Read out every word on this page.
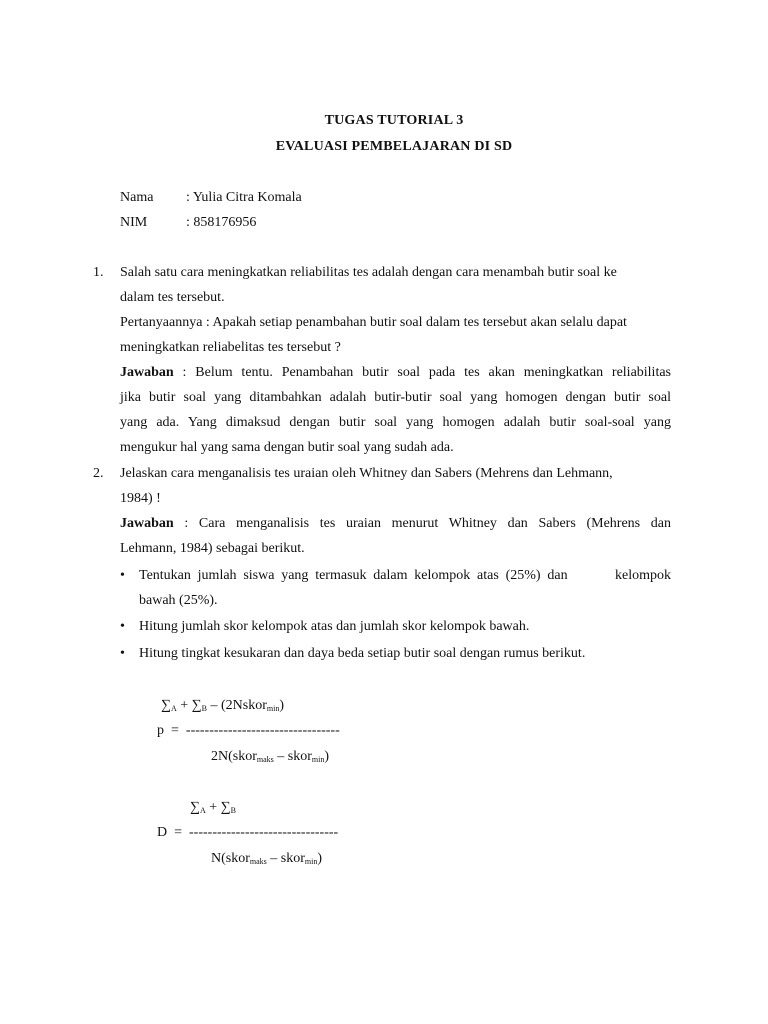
TUGAS TUTORIAL 3
EVALUASI PEMBELAJARAN DI SD
Nama : Yulia Citra Komala
NIM	: 858176956
1. Salah satu cara meningkatkan reliabilitas tes adalah dengan cara menambah butir soal ke
dalam tes tersebut.
Pertanyaannya : Apakah setiap penambahan butir soal dalam tes tersebut akan selalu dapat
meningkatkan reliabelitas tes tersebut ?
Jawaban : Belum tentu. Penambahan butir soal pada tes akan meningkatkan reliabilitas
jika butir soal yang ditambahkan adalah butir-butir soal yang homogen dengan butir soal
yang ada. Yang dimaksud dengan butir soal yang homogen adalah butir soal-soal yang
mengukur hal yang sama dengan butir soal yang sudah ada.
2. Jelaskan cara menganalisis tes uraian oleh Whitney dan Sabers (Mehrens dan Lehmann,
1984) !
Jawaban : Cara menganalisis tes uraian menurut Whitney dan Sabers (Mehrens dan
Lehmann, 1984) sebagai berikut.
• Tentukan jumlah siswa yang termasuk dalam kelompok atas (25%) dan       kelompok
bawah (25%).
• Hitung jumlah skor kelompok atas dan jumlah skor kelompok bawah.
• Hitung tingkat kesukaran dan daya beda setiap butir soal dengan rumus berikut.
$\sum_A + \sum_B$ – (2Nskor$_{min}$)
p  =  ---------------------------------
2N(skor$_{maks}$ – skor$_{min}$)
$\sum_A + \sum_B$
D  =  --------------------------------
N(skor$_{maks}$ – skor$_{min}$)
